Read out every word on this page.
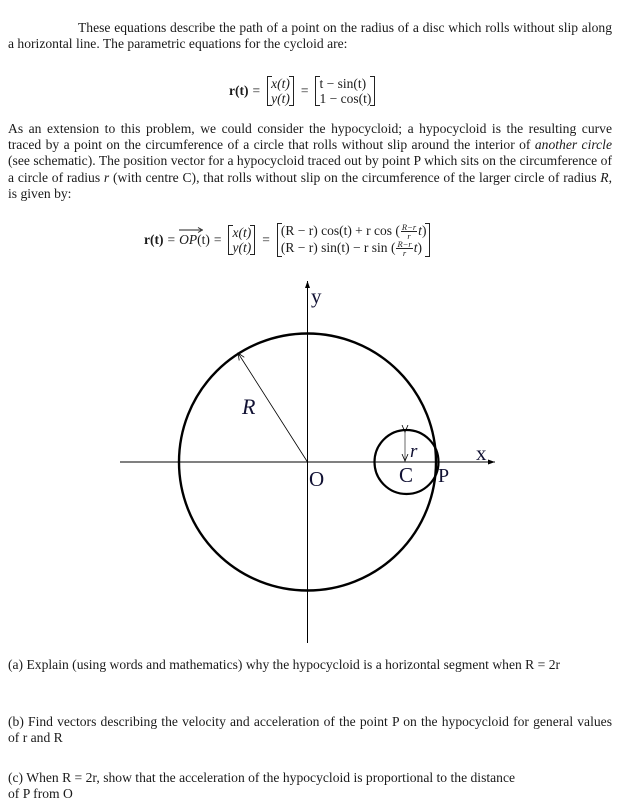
These equations describe the path of a point on the radius of a disc which rolls without slip along a horizontal line. The parametric equations for the cycloid are:
r(t) = x(t)
y(t)
= t − sin(t)
1 − cos(t)
As an extension to this problem, we could consider the hypocycloid; a hypocycloid is the resulting curve traced by a point on the circumference of a circle that rolls without slip around the interior of another circle (see schematic). The position vector for a hypocycloid traced out by point P which sits on the circumference of a circle of radius r (with centre C), that rolls without slip on the circumference of the larger circle of radius R, is given by:
r(t) = OP (t) = x(t)
y(t)
=
(R − r) cos(t) + r cos ( $\frac{R-r}{r} t$)
(R − r) sin(t) − r sin ( $\frac{R-r}{r} t$)
y
x
O
R
r
C P
(a) Explain (using words and mathematics) why the hypocycloid is a horizontal segment when R = 2r
(b) Find vectors describing the velocity and acceleration of the point P on the hypocycloid for general values of r and R
(c) When R = 2r, show that the acceleration of the hypocycloid is proportional to the distance
of P from O
